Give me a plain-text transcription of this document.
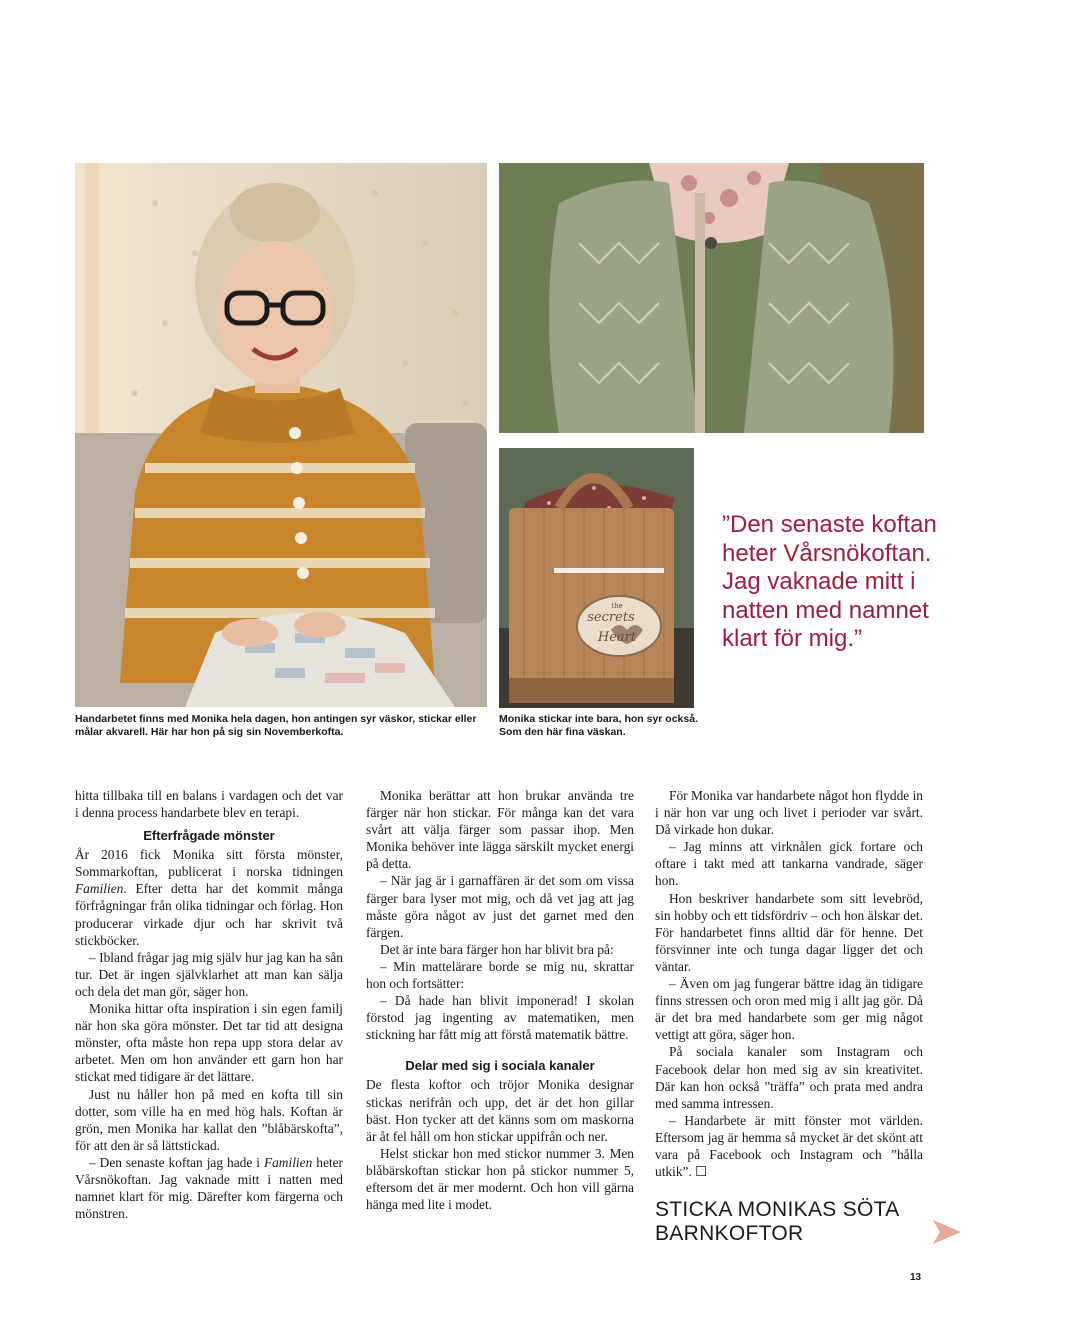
Monika vaknade och hade både mönstret och färgerna till Vårsnökoftan klart för sig.
the
secrets
Heart
Handarbetet finns med Monika hela dagen, hon antingen syr väskor, stickar eller målar akvarell. Här har hon på sig sin Novemberkofta.
Monika stickar inte bara, hon syr också. Som den här fina väskan.
”Den senaste koftan heter Vårsnökoftan. Jag vaknade mitt i natten med namnet klart för mig.”

hitta tillbaka till en balans i vardagen och det var i denna process handarbete blev en terapi.

Efterfrågade mönster

År 2016 fick Monika sitt första mönster, Sommarkoftan, publicerat i norska tidningen Familien. Efter detta har det kommit många förfrågningar från olika tidningar och förlag. Hon producerar virkade djur och har skrivit två stickböcker.

– Ibland frågar jag mig själv hur jag kan ha sån tur. Det är ingen självklarhet att man kan sälja och dela det man gör, säger hon.

Monika hittar ofta inspiration i sin egen familj när hon ska göra mönster. Det tar tid att designa mönster, ofta måste hon repa upp stora delar av arbetet. Men om hon använder ett garn hon har stickat med tidigare är det lättare.

Just nu håller hon på med en kofta till sin dotter, som ville ha en med hög hals. Koftan är grön, men Monika har kallat den ”blåbärskofta”, för att den är så lättstickad.

– Den senaste koftan jag hade i Familien heter Vårsnökoftan. Jag vaknade mitt i natten med namnet klart för mig. Därefter kom färgerna och mönstren.

Monika berättar att hon brukar använda tre färger när hon stickar. För många kan det vara svårt att välja färger som passar ihop. Men Monika behöver inte lägga särskilt mycket energi på detta.

– När jag är i garnaffären är det som om vissa färger bara lyser mot mig, och då vet jag att jag måste göra något av just det garnet med den färgen.

Det är inte bara färger hon har blivit bra på:

– Min mattelärare borde se mig nu, skrattar hon och fortsätter:

– Då hade han blivit imponerad! I skolan förstod jag ingenting av matematiken, men stickning har fått mig att förstå matematik bättre.

Delar med sig i sociala kanaler

De flesta koftor och tröjor Monika designar stickas nerifrån och upp, det är det hon gillar bäst. Hon tycker att det känns som om maskorna är åt fel håll om hon stickar uppifrån och ner.

Helst stickar hon med stickor nummer 3. Men blåbärskoftan stickar hon på stickor nummer 5, eftersom det är mer modernt. Och hon vill gärna hänga med lite i modet.

För Monika var handarbete något hon flydde in i när hon var ung och livet i perioder var svårt. Då virkade hon dukar.

– Jag minns att virknålen gick fortare och oftare i takt med att tankarna vandrade, säger hon.

Hon beskriver handarbete som sitt levebröd, sin hobby och ett tidsfördriv – och hon älskar det. För handarbetet finns alltid där för henne. Det försvinner inte och tunga dagar ligger det och väntar.

– Även om jag fungerar bättre idag än tidigare finns stressen och oron med mig i allt jag gör. Då är det bra med handarbete som ger mig något vettigt att göra, säger hon.

På sociala kanaler som Instagram och Facebook delar hon med sig av sin kreativitet. Där kan hon också ”träffa” och prata med andra med samma intressen.

– Handarbete är mitt fönster mot världen. Eftersom jag är hemma så mycket är det skönt att vara på Facebook och Instagram och ”hålla utkik”. ☐

STICKA MONIKAS SÖTA BARNKOFTOR
13
